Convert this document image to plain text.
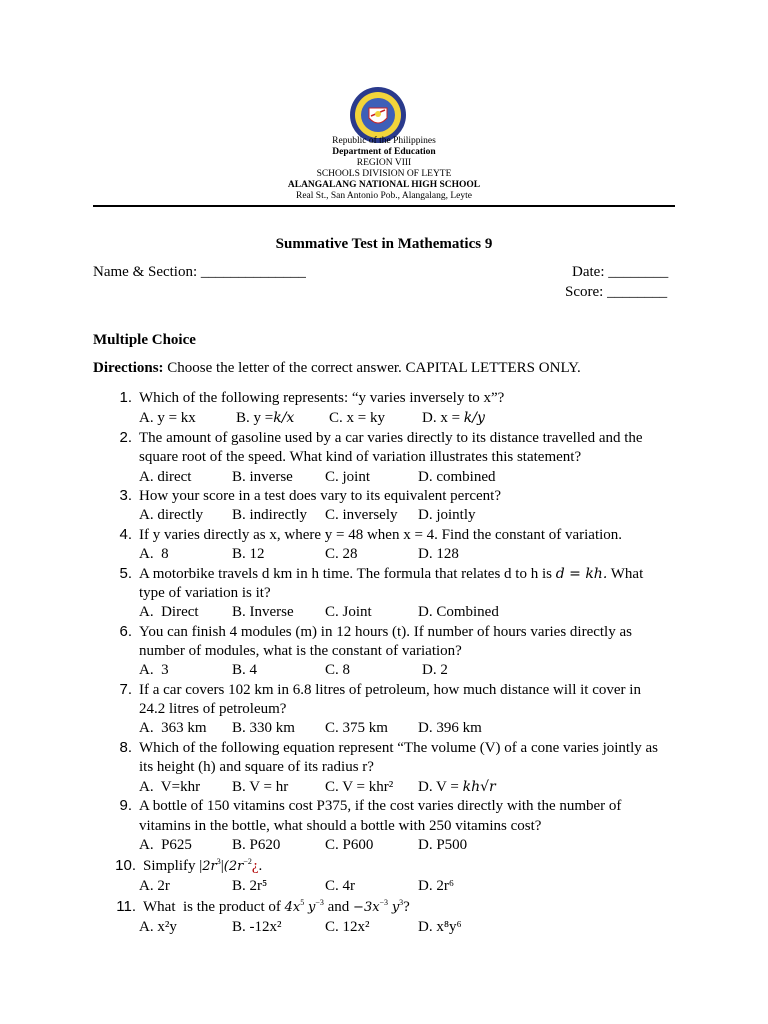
Republic of the Philippines
Department of Education
REGION VIII
SCHOOLS DIVISION OF LEYTE
ALANGALANG NATIONAL HIGH SCHOOL
Real St., San Antonio Pob., Alangalang, Leyte
Summative Test in Mathematics 9
Name & Section: ______________	Date: ________
Score: ________
Multiple Choice
Directions: Choose the letter of the correct answer. CAPITAL LETTERS ONLY.
1. Which of the following represents: “y varies inversely to x”?
A. y = kx	B. y =k/x C. x = ky D. x = k/y
2. The amount of gasoline used by a car varies directly to its distance travelled and the
square root of the speed. What kind of variation illustrates this statement?
A. direct	B. inverse C. joint	D. combined
3. How your score in a test does vary to its equivalent percent?
A. directly B. indirectly C. inversely D. jointly
4. If y varies directly as x, where y = 48 when x = 4. Find the constant of variation.
A.  8	B. 12	C. 28	D. 128
5. A motorbike travels d km in h time. The formula that relates d to h is d = kh. What
type of variation is it?
A.  Direct B. Inverse C. Joint	D. Combined
6. You can finish 4 modules (m) in 12 hours (t). If number of hours varies directly as
number of modules, what is the constant of variation?
A.  3	B. 4	C. 8	D. 2
7. If a car covers 102 km in 6.8 litres of petroleum, how much distance will it cover in
24.2 litres of petroleum?
A.  363 km B. 330 km C. 375 km D. 396 km
8. Which of the following equation represent “The volume (V) of a cone varies jointly as
its height (h) and square of its radius r?
A.  V=khr B. V = hr C. V = khr² D. V = kh√r
9. A bottle of 150 vitamins cost P375, if the cost varies directly with the number of
vitamins in the bottle, what should a bottle with 250 vitamins cost?
A.  P625	B. P620	C. P600	D. P500
10. Simplify $|2r^3|(2r^{-2}¿$.
A. 2r	B. 2r⁵	C. 4r	D. 2r⁶
11. What  is the product of $4x^5$ $y^{-3}$ and $-3x^{-3}$ $y^3$?
A. x²y	B. -12x²	C. 12x²	D. x⁸y⁶
